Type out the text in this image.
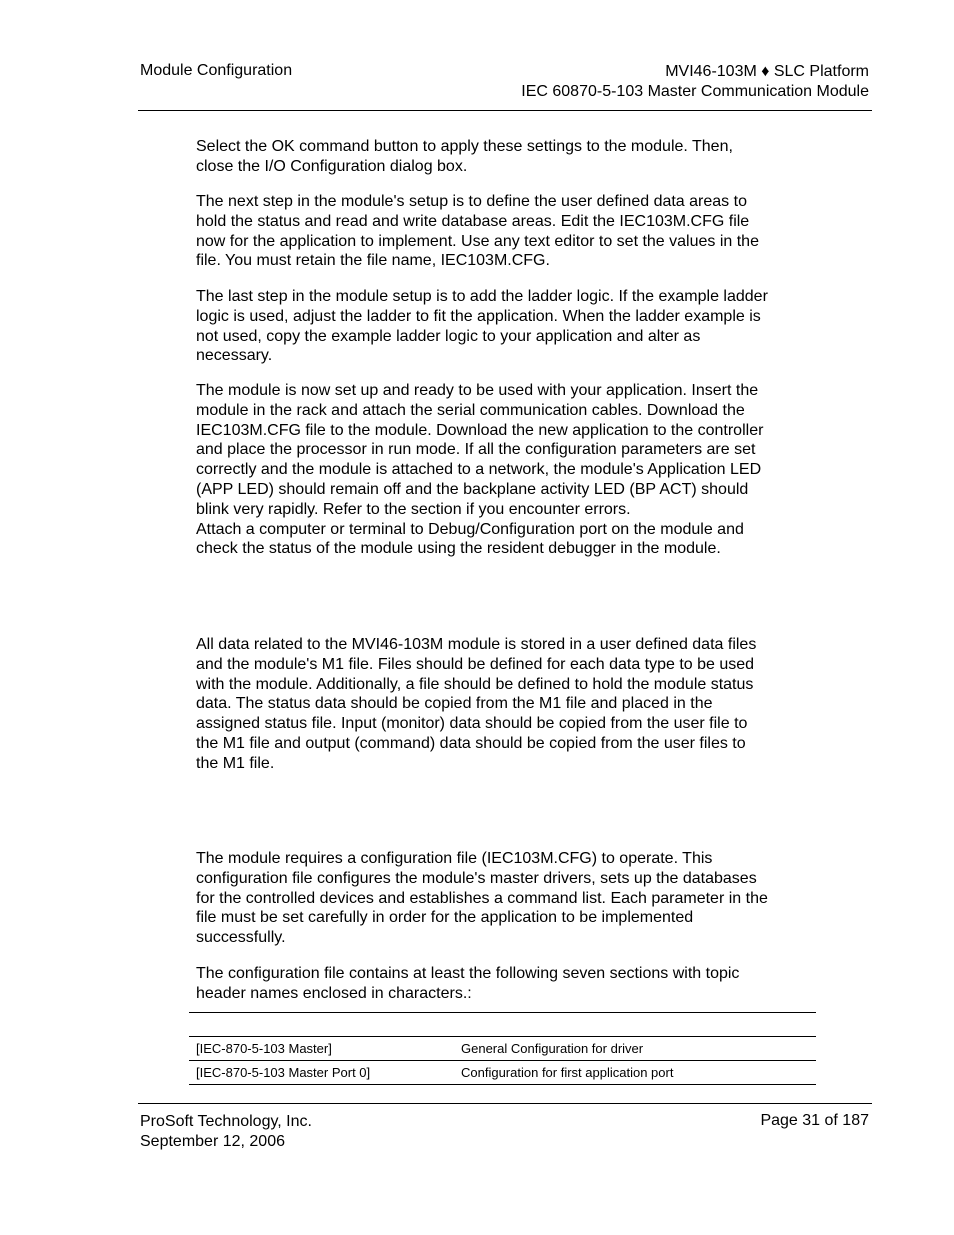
Module Configuration	MVI46-103M ♦ SLC Platform
IEC 60870-5-103 Master Communication Module

Select the OK command button to apply these settings to the module. Then,
close the I/O Configuration dialog box.

The next step in the module's setup is to define the user defined data areas to
hold the status and read and write database areas. Edit the IEC103M.CFG file
now for the application to implement. Use any text editor to set the values in the
file. You must retain the file name, IEC103M.CFG.

The last step in the module setup is to add the ladder logic. If the example ladder
logic is used, adjust the ladder to fit the application. When the ladder example is
not used, copy the example ladder logic to your application and alter as
necessary.

The module is now set up and ready to be used with your application. Insert the
module in the rack and attach the serial communication cables. Download the
IEC103M.CFG file to the module. Download the new application to the controller
and place the processor in run mode. If all the configuration parameters are set
correctly and the module is attached to a network, the module's Application LED
(APP LED) should remain off and the backplane activity LED (BP ACT) should
blink very rapidly. Refer to the section if you encounter errors.
Attach a computer or terminal to Debug/Configuration port on the module and
check the status of the module using the resident debugger in the module.

All data related to the MVI46-103M module is stored in a user defined data files
and the module's M1 file. Files should be defined for each data type to be used
with the module. Additionally, a file should be defined to hold the module status
data. The status data should be copied from the M1 file and placed in the
assigned status file. Input (monitor) data should be copied from the user file to
the M1 file and output (command) data should be copied from the user files to
the M1 file.

The module requires a configuration file (IEC103M.CFG) to operate. This
configuration file configures the module's master drivers, sets up the databases
for the controlled devices and establishes a command list. Each parameter in the
file must be set carefully in order for the application to be implemented
successfully.

The configuration file contains at least the following seven sections with topic
header names enclosed in characters.:

[IEC-870-5-103 Master]	General Configuration for driver
[IEC-870-5-103 Master Port 0]	Configuration for first application port
ProSoft Technology, Inc.
September 12, 2006
Page 31 of 187
